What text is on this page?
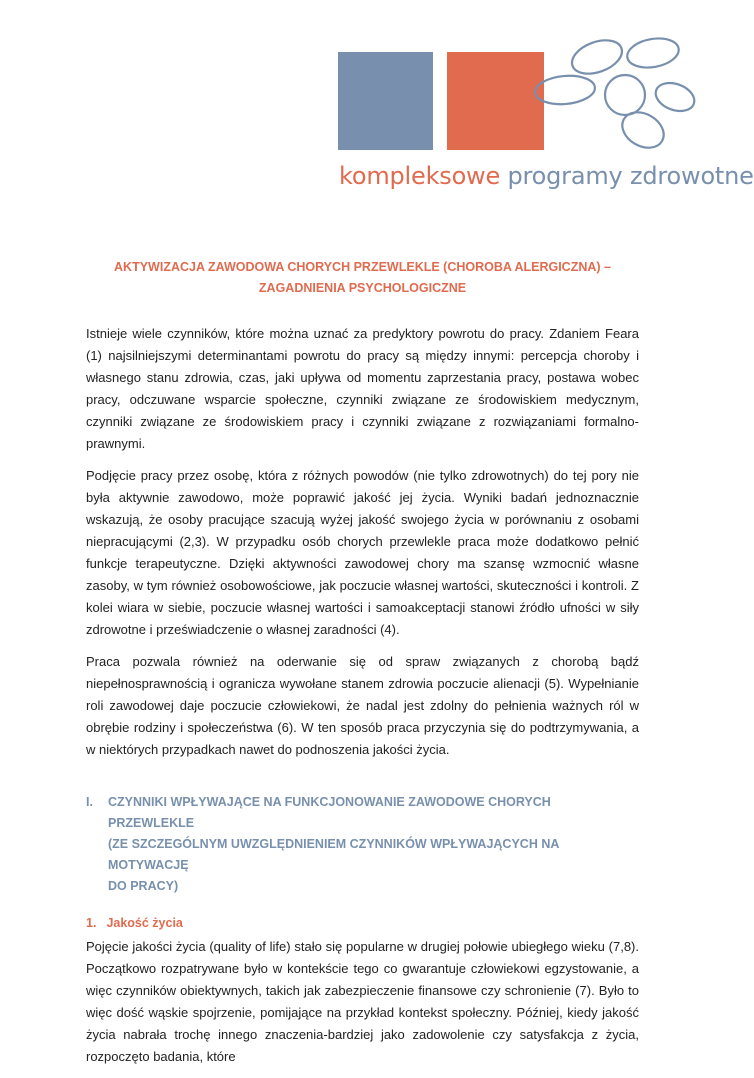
kompleksowe programy zdrowotne
AKTYWIZACJA ZAWODOWA CHORYCH PRZEWLEKLE (CHOROBA ALERGICZNA) –
ZAGADNIENIA PSYCHOLOGICZNE

Istnieje wiele czynników, które można uznać za predyktory powrotu do pracy. Zdaniem Feara (1) najsilniejszymi determinantami powrotu do pracy są między innymi: percepcja choroby i własnego stanu zdrowia, czas, jaki upływa od momentu zaprzestania pracy, postawa wobec pracy, odczuwane wsparcie społeczne, czynniki związane ze środowiskiem medycznym, czynniki związane ze środowiskiem pracy i czynniki związane z rozwiązaniami formalno-prawnymi.

Podjęcie pracy przez osobę, która z różnych powodów (nie tylko zdrowotnych) do tej pory nie była aktywnie zawodowo, może poprawić jakość jej życia. Wyniki badań jednoznacznie wskazują, że osoby pracujące szacują wyżej jakość swojego życia w porównaniu z osobami niepracującymi (2,3). W przypadku osób chorych przewlekle praca może dodatkowo pełnić funkcje terapeutyczne. Dzięki aktywności zawodowej chory ma szansę wzmocnić własne zasoby, w tym również osobowościowe, jak poczucie własnej wartości, skuteczności i kontroli. Z kolei wiara w siebie, poczucie własnej wartości i samoakceptacji stanowi źródło ufności w siły zdrowotne i przeświadczenie o własnej zaradności (4).

Praca pozwala również na oderwanie się od spraw związanych z chorobą bądź niepełnosprawnością i ogranicza wywołane stanem zdrowia poczucie alienacji (5). Wypełnianie roli zawodowej daje poczucie człowiekowi, że nadal jest zdolny do pełnienia ważnych ról w obrębie rodziny i społeczeństwa (6). W ten sposób praca przyczynia się do podtrzymywania, a w niektórych przypadkach nawet do podnoszenia jakości życia.

I.	CZYNNIKI WPŁYWAJĄCE NA FUNKCJONOWANIE ZAWODOWE CHORYCH PRZEWLEKLE
(ZE SZCZEGÓLNYM UWZGLĘDNIENIEM CZYNNIKÓW WPŁYWAJĄCYCH NA MOTYWACJĘ
DO PRACY)
1. Jakość życia

Pojęcie jakości życia (quality of life) stało się popularne w drugiej połowie ubiegłego wieku (7,8). Początkowo rozpatrywane było w kontekście tego co gwarantuje człowiekowi egzystowanie, a więc czynników obiektywnych, takich jak zabezpieczenie finansowe czy schronienie (7). Było to więc dość wąskie spojrzenie, pomijające na przykład kontekst społeczny. Później, kiedy jakość życia nabrała trochę innego znaczenia-bardziej jako zadowolenie czy satysfakcja z życia, rozpoczęto badania, które
